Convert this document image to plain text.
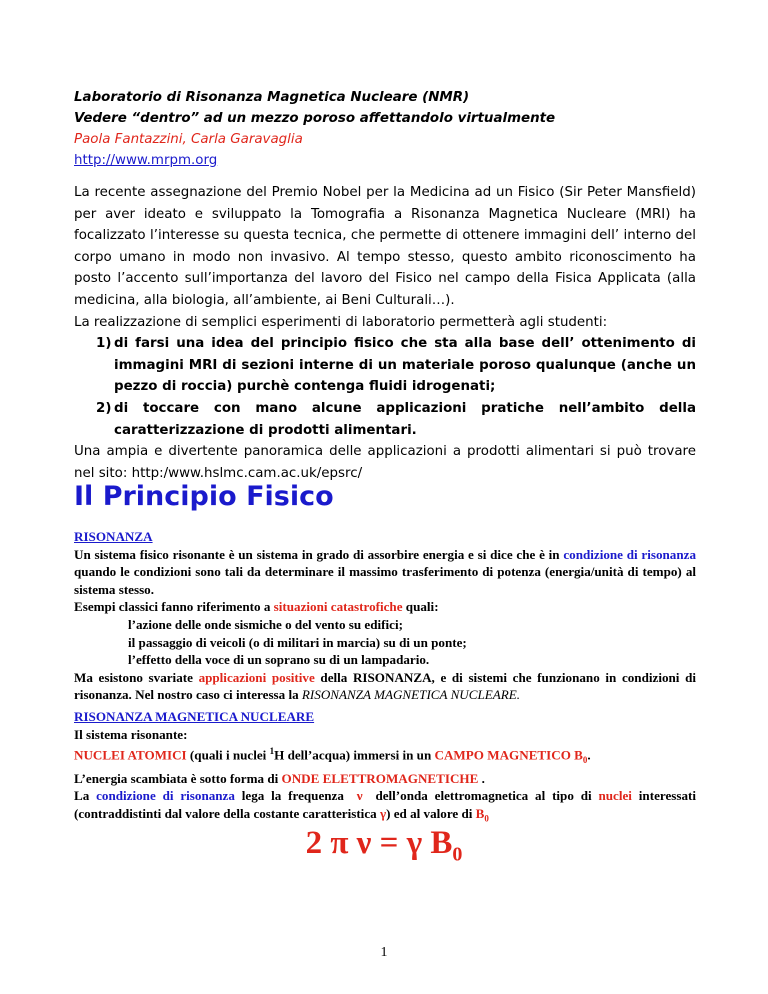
Laboratorio di Risonanza Magnetica Nucleare (NMR)
Vedere “dentro” ad un mezzo poroso affettandolo virtualmente
Paola Fantazzini, Carla Garavaglia
http://www.mrpm.org

La recente assegnazione del Premio Nobel per la Medicina ad un Fisico (Sir Peter Mansfield) per aver ideato e sviluppato la Tomografia a Risonanza Magnetica Nucleare (MRI) ha focalizzato l’interesse su questa tecnica, che permette di ottenere immagini dell’ interno del corpo umano in modo non invasivo. Al tempo stesso, questo ambito riconoscimento ha posto l’accento sull’importanza del lavoro del Fisico nel campo della Fisica Applicata (alla medicina, alla biologia, all’ambiente, ai Beni Culturali…).

La realizzazione di semplici esperimenti di laboratorio permetterà agli studenti:

1) di farsi una idea del principio fisico che sta alla base dell’ ottenimento di immagini MRI di sezioni interne di un materiale poroso qualunque (anche un pezzo di roccia) purchè contenga fluidi idrogenati;
2) di toccare con mano alcune applicazioni pratiche nell’ambito della caratterizzazione di prodotti alimentari.

Una ampia e divertente panoramica delle applicazioni a prodotti alimentari si può trovare nel sito: http:/www.hslmc.cam.ac.uk/epsrc/

Il Principio Fisico
RISONANZA

Un sistema fisico risonante è un sistema in grado di assorbire energia e si dice che è in condizione di risonanza quando le condizioni sono tali da determinare il massimo trasferimento di potenza (energia/unità di tempo) al sistema stesso.

Esempi classici fanno riferimento a situazioni catastrofiche quali:

l’azione delle onde sismiche o del vento su edifici;
il passaggio di veicoli (o di militari in marcia) su di un ponte;
l’effetto della voce di un soprano su di un lampadario.

Ma esistono svariate applicazioni positive della RISONANZA, e di sistemi che funzionano in condizioni di risonanza. Nel nostro caso ci interessa la RISONANZA MAGNETICA NUCLEARE.

RISONANZA MAGNETICA NUCLEARE
Il sistema risonante:
NUCLEI ATOMICI (quali i nuclei $^1$H dell’acqua) immersi in un CAMPO MAGNETICO $B_0$.
L’energia scambiata è sotto forma di ONDE ELETTROMAGNETICHE .

La condizione di risonanza lega la frequenza ν dell’onda elettromagnetica al tipo di nuclei interessati (contraddistinti dal valore della costante caratteristica γ) ed al valore di $B_0$

2 π ν = γ $B_0$
1
